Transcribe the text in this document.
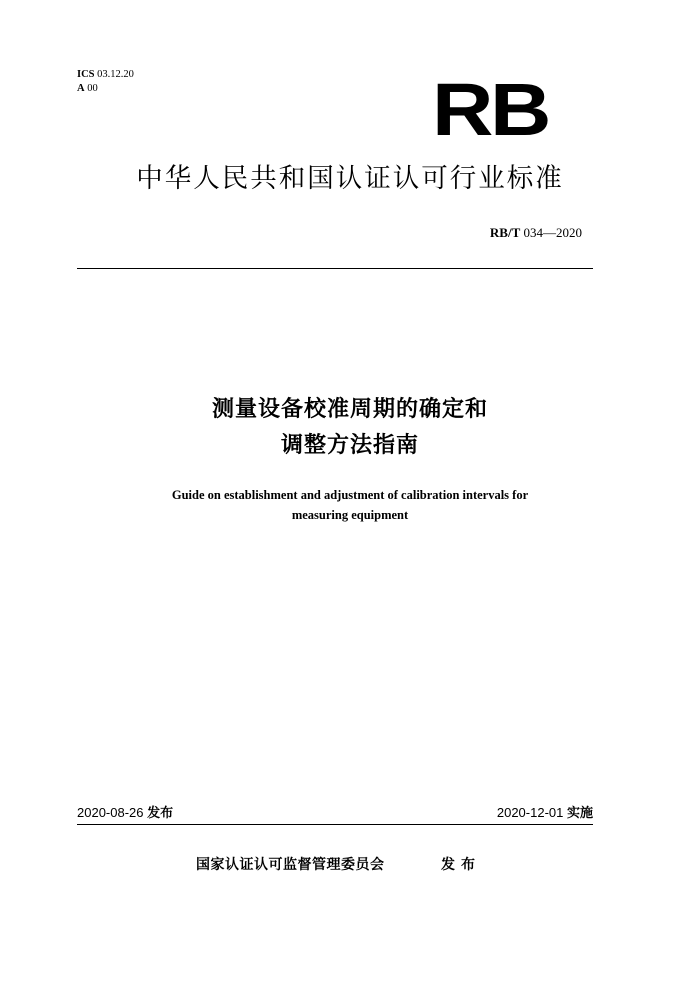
ICS 03.12.20
A 00	RB
中华人民共和国认证认可行业标准
RB/T 034—2020
测量设备校准周期的确定和
调整方法指南
Guide on establishment and adjustment of calibration intervals for
measuring equipment
2020-08-26 发布	2020-12-01 实施
国家认证认可监督管理委员会	发布
